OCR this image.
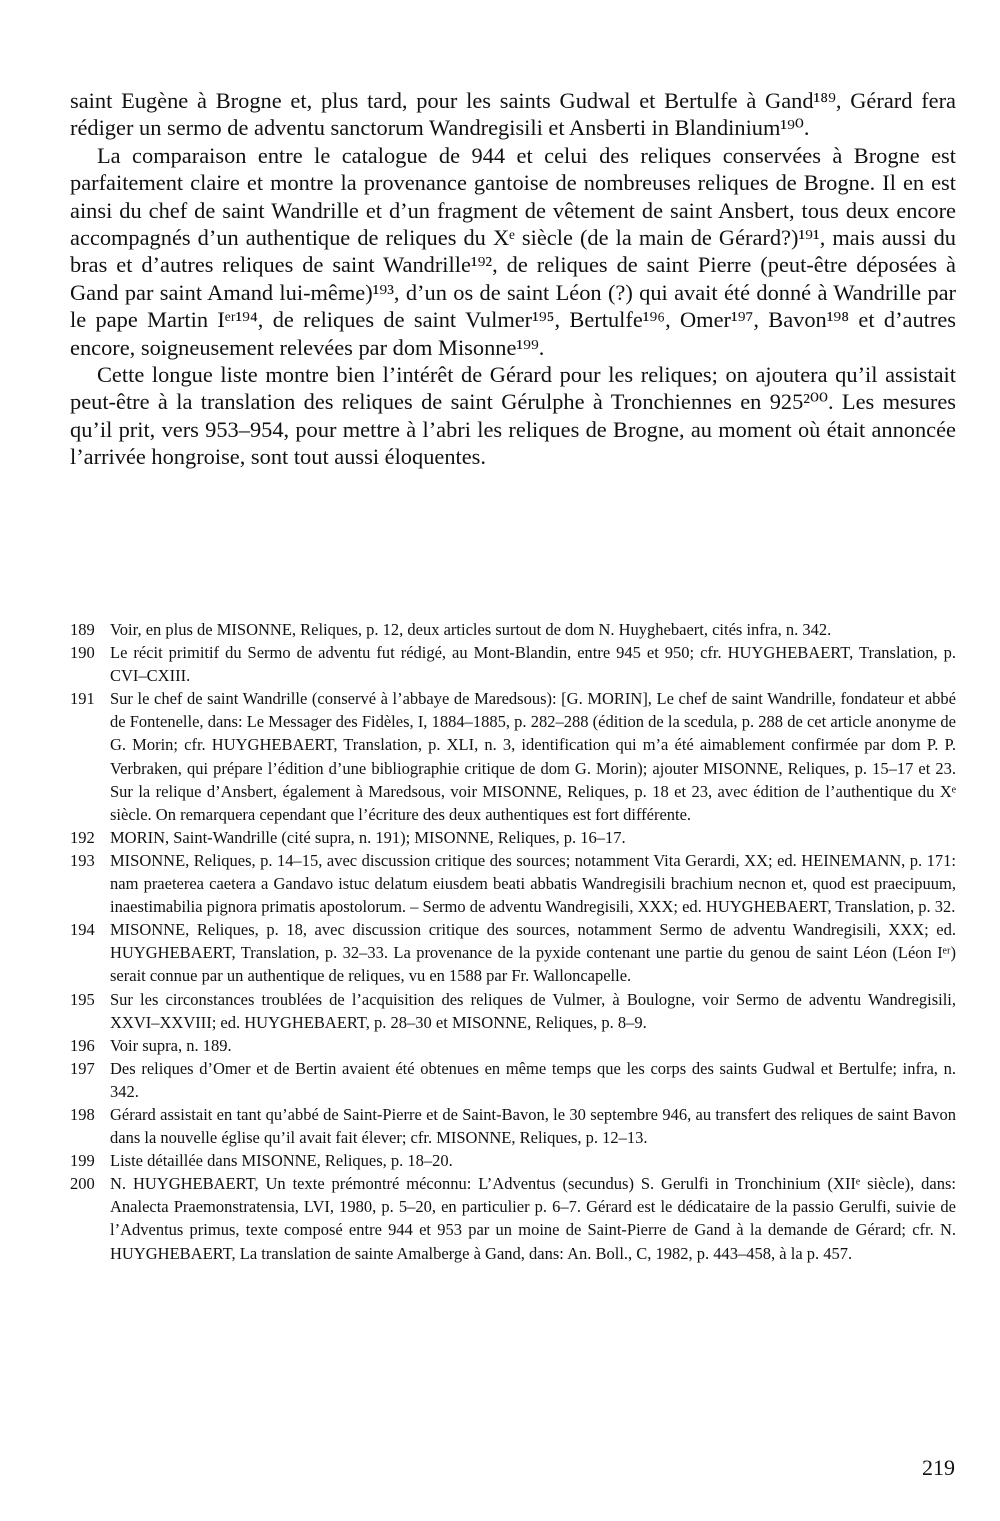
saint Eugène à Brogne et, plus tard, pour les saints Gudwal et Bertulfe à Gand¹⁸⁹, Gérard fera rédiger un sermo de adventu sanctorum Wandregisili et Ansberti in Blandinium¹⁹⁰.

La comparaison entre le catalogue de 944 et celui des reliques conservées à Brogne est parfaitement claire et montre la provenance gantoise de nombreuses reliques de Brogne. Il en est ainsi du chef de saint Wandrille et d’un fragment de vêtement de saint Ansbert, tous deux encore accompagnés d’un authentique de reliques du Xᵉ siècle (de la main de Gérard?)¹⁹¹, mais aussi du bras et d’autres reliques de saint Wandrille¹⁹², de reliques de saint Pierre (peut-être déposées à Gand par saint Amand lui-même)¹⁹³, d’un os de saint Léon (?) qui avait été donné à Wandrille par le pape Martin Iᵉʳ¹⁹⁴, de reliques de saint Vulmer¹⁹⁵, Bertulfe¹⁹⁶, Omer¹⁹⁷, Bavon¹⁹⁸ et d’autres encore, soigneusement relevées par dom Misonne¹⁹⁹.

Cette longue liste montre bien l’intérêt de Gérard pour les reliques; on ajoutera qu’il assistait peut-être à la translation des reliques de saint Gérulphe à Tronchiennes en 925²⁰⁰. Les mesures qu’il prit, vers 953–954, pour mettre à l’abri les reliques de Brogne, au moment où était annoncée l’arrivée hongroise, sont tout aussi éloquentes.

189 Voir, en plus de MISONNE, Reliques, p. 12, deux articles surtout de dom N. Huyghebaert, cités infra, n. 342.
190 Le récit primitif du Sermo de adventu fut rédigé, au Mont-Blandin, entre 945 et 950; cfr. HUYGHEBAERT, Translation, p. CVI–CXIII.
191 Sur le chef de saint Wandrille (conservé à l’abbaye de Maredsous): [G. MORIN], Le chef de saint Wandrille, fondateur et abbé de Fontenelle, dans: Le Messager des Fidèles, I, 1884–1885, p. 282–288 (édition de la scedula, p. 288 de cet article anonyme de G. Morin; cfr. HUYGHEBAERT, Translation, p. XLI, n. 3, identification qui m’a été aimablement confirmée par dom P. P. Verbraken, qui prépare l’édition d’une bibliographie critique de dom G. Morin); ajouter MISONNE, Reliques, p. 15–17 et 23. Sur la relique d’Ansbert, également à Maredsous, voir MISONNE, Reliques, p. 18 et 23, avec édition de l’authentique du Xᵉ siècle. On remarquera cependant que l’écriture des deux authentiques est fort différente.
192 MORIN, Saint-Wandrille (cité supra, n. 191); MISONNE, Reliques, p. 16–17.
193 MISONNE, Reliques, p. 14–15, avec discussion critique des sources; notamment Vita Gerardi, XX; ed. HEINEMANN, p. 171: nam praeterea caetera a Gandavo istuc delatum eiusdem beati abbatis Wandregisili brachium necnon et, quod est praecipuum, inaestimabilia pignora primatis apostolorum. – Sermo de adventu Wandregisili, XXX; ed. HUYGHEBAERT, Translation, p. 32.
194 MISONNE, Reliques, p. 18, avec discussion critique des sources, notamment Sermo de adventu Wandregisili, XXX; ed. HUYGHEBAERT, Translation, p. 32–33. La provenance de la pyxide contenant une partie du genou de saint Léon (Léon Iᵉʳ) serait connue par un authentique de reliques, vu en 1588 par Fr. Walloncapelle.
195 Sur les circonstances troublées de l’acquisition des reliques de Vulmer, à Boulogne, voir Sermo de adventu Wandregisili, XXVI–XXVIII; ed. HUYGHEBAERT, p. 28–30 et MISONNE, Reliques, p. 8–9.
196 Voir supra, n. 189.
197 Des reliques d’Omer et de Bertin avaient été obtenues en même temps que les corps des saints Gudwal et Bertulfe; infra, n. 342.
198 Gérard assistait en tant qu’abbé de Saint-Pierre et de Saint-Bavon, le 30 septembre 946, au transfert des reliques de saint Bavon dans la nouvelle église qu’il avait fait élever; cfr. MISONNE, Reliques, p. 12–13.
199 Liste détaillée dans MISONNE, Reliques, p. 18–20.
200 N. HUYGHEBAERT, Un texte prémontré méconnu: L’Adventus (secundus) S. Gerulfi in Tronchinium (XIIᵉ siècle), dans: Analecta Praemonstratensia, LVI, 1980, p. 5–20, en particulier p. 6–7. Gérard est le dédicataire de la passio Gerulfi, suivie de l’Adventus primus, texte composé entre 944 et 953 par un moine de Saint-Pierre de Gand à la demande de Gérard; cfr. N. HUYGHEBAERT, La translation de sainte Amalberge à Gand, dans: An. Boll., C, 1982, p. 443–458, à la p. 457.
219
